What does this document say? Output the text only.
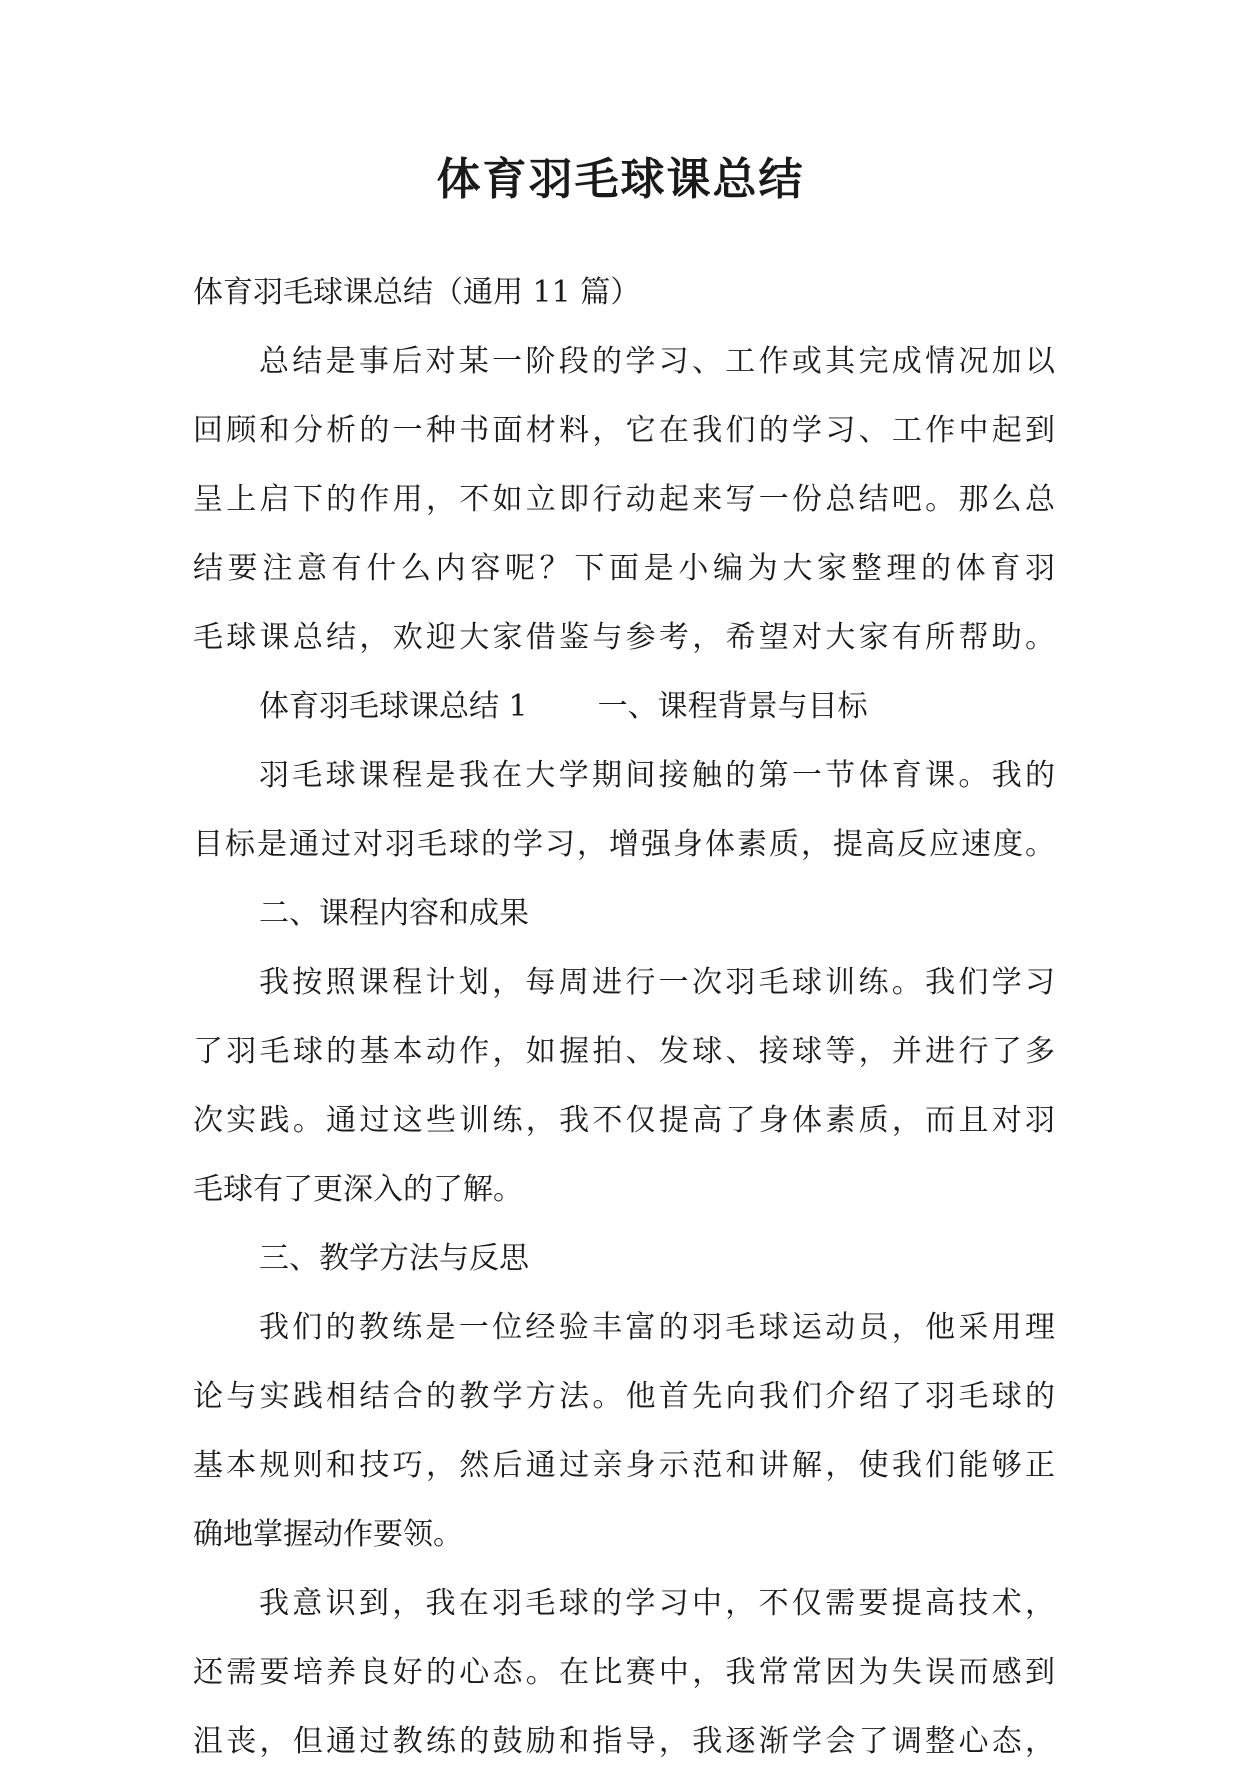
体育羽毛球课总结
体育羽毛球课总结（通用 11 篇）
总结是事后对某一阶段的学习、工作或其完成情况加以
回顾和分析的一种书面材料，它在我们的学习、工作中起到
呈上启下的作用，不如立即行动起来写一份总结吧。那么总
结要注意有什么内容呢？下面是小编为大家整理的体育羽
毛球课总结，欢迎大家借鉴与参考，希望对大家有所帮助。
体育羽毛球课总结 1 一、课程背景与目标
羽毛球课程是我在大学期间接触的第一节体育课。我的
目标是通过对羽毛球的学习，增强身体素质，提高反应速度。
二、课程内容和成果
我按照课程计划，每周进行一次羽毛球训练。我们学习
了羽毛球的基本动作，如握拍、发球、接球等，并进行了多
次实践。通过这些训练，我不仅提高了身体素质，而且对羽
毛球有了更深入的了解。
三、教学方法与反思
我们的教练是一位经验丰富的羽毛球运动员，他采用理
论与实践相结合的教学方法。他首先向我们介绍了羽毛球的
基本规则和技巧，然后通过亲身示范和讲解，使我们能够正
确地掌握动作要领。
我意识到，我在羽毛球的学习中，不仅需要提高技术，
还需要培养良好的心态。在比赛中，我常常因为失误而感到
沮丧，但通过教练的鼓励和指导，我逐渐学会了调整心态，
